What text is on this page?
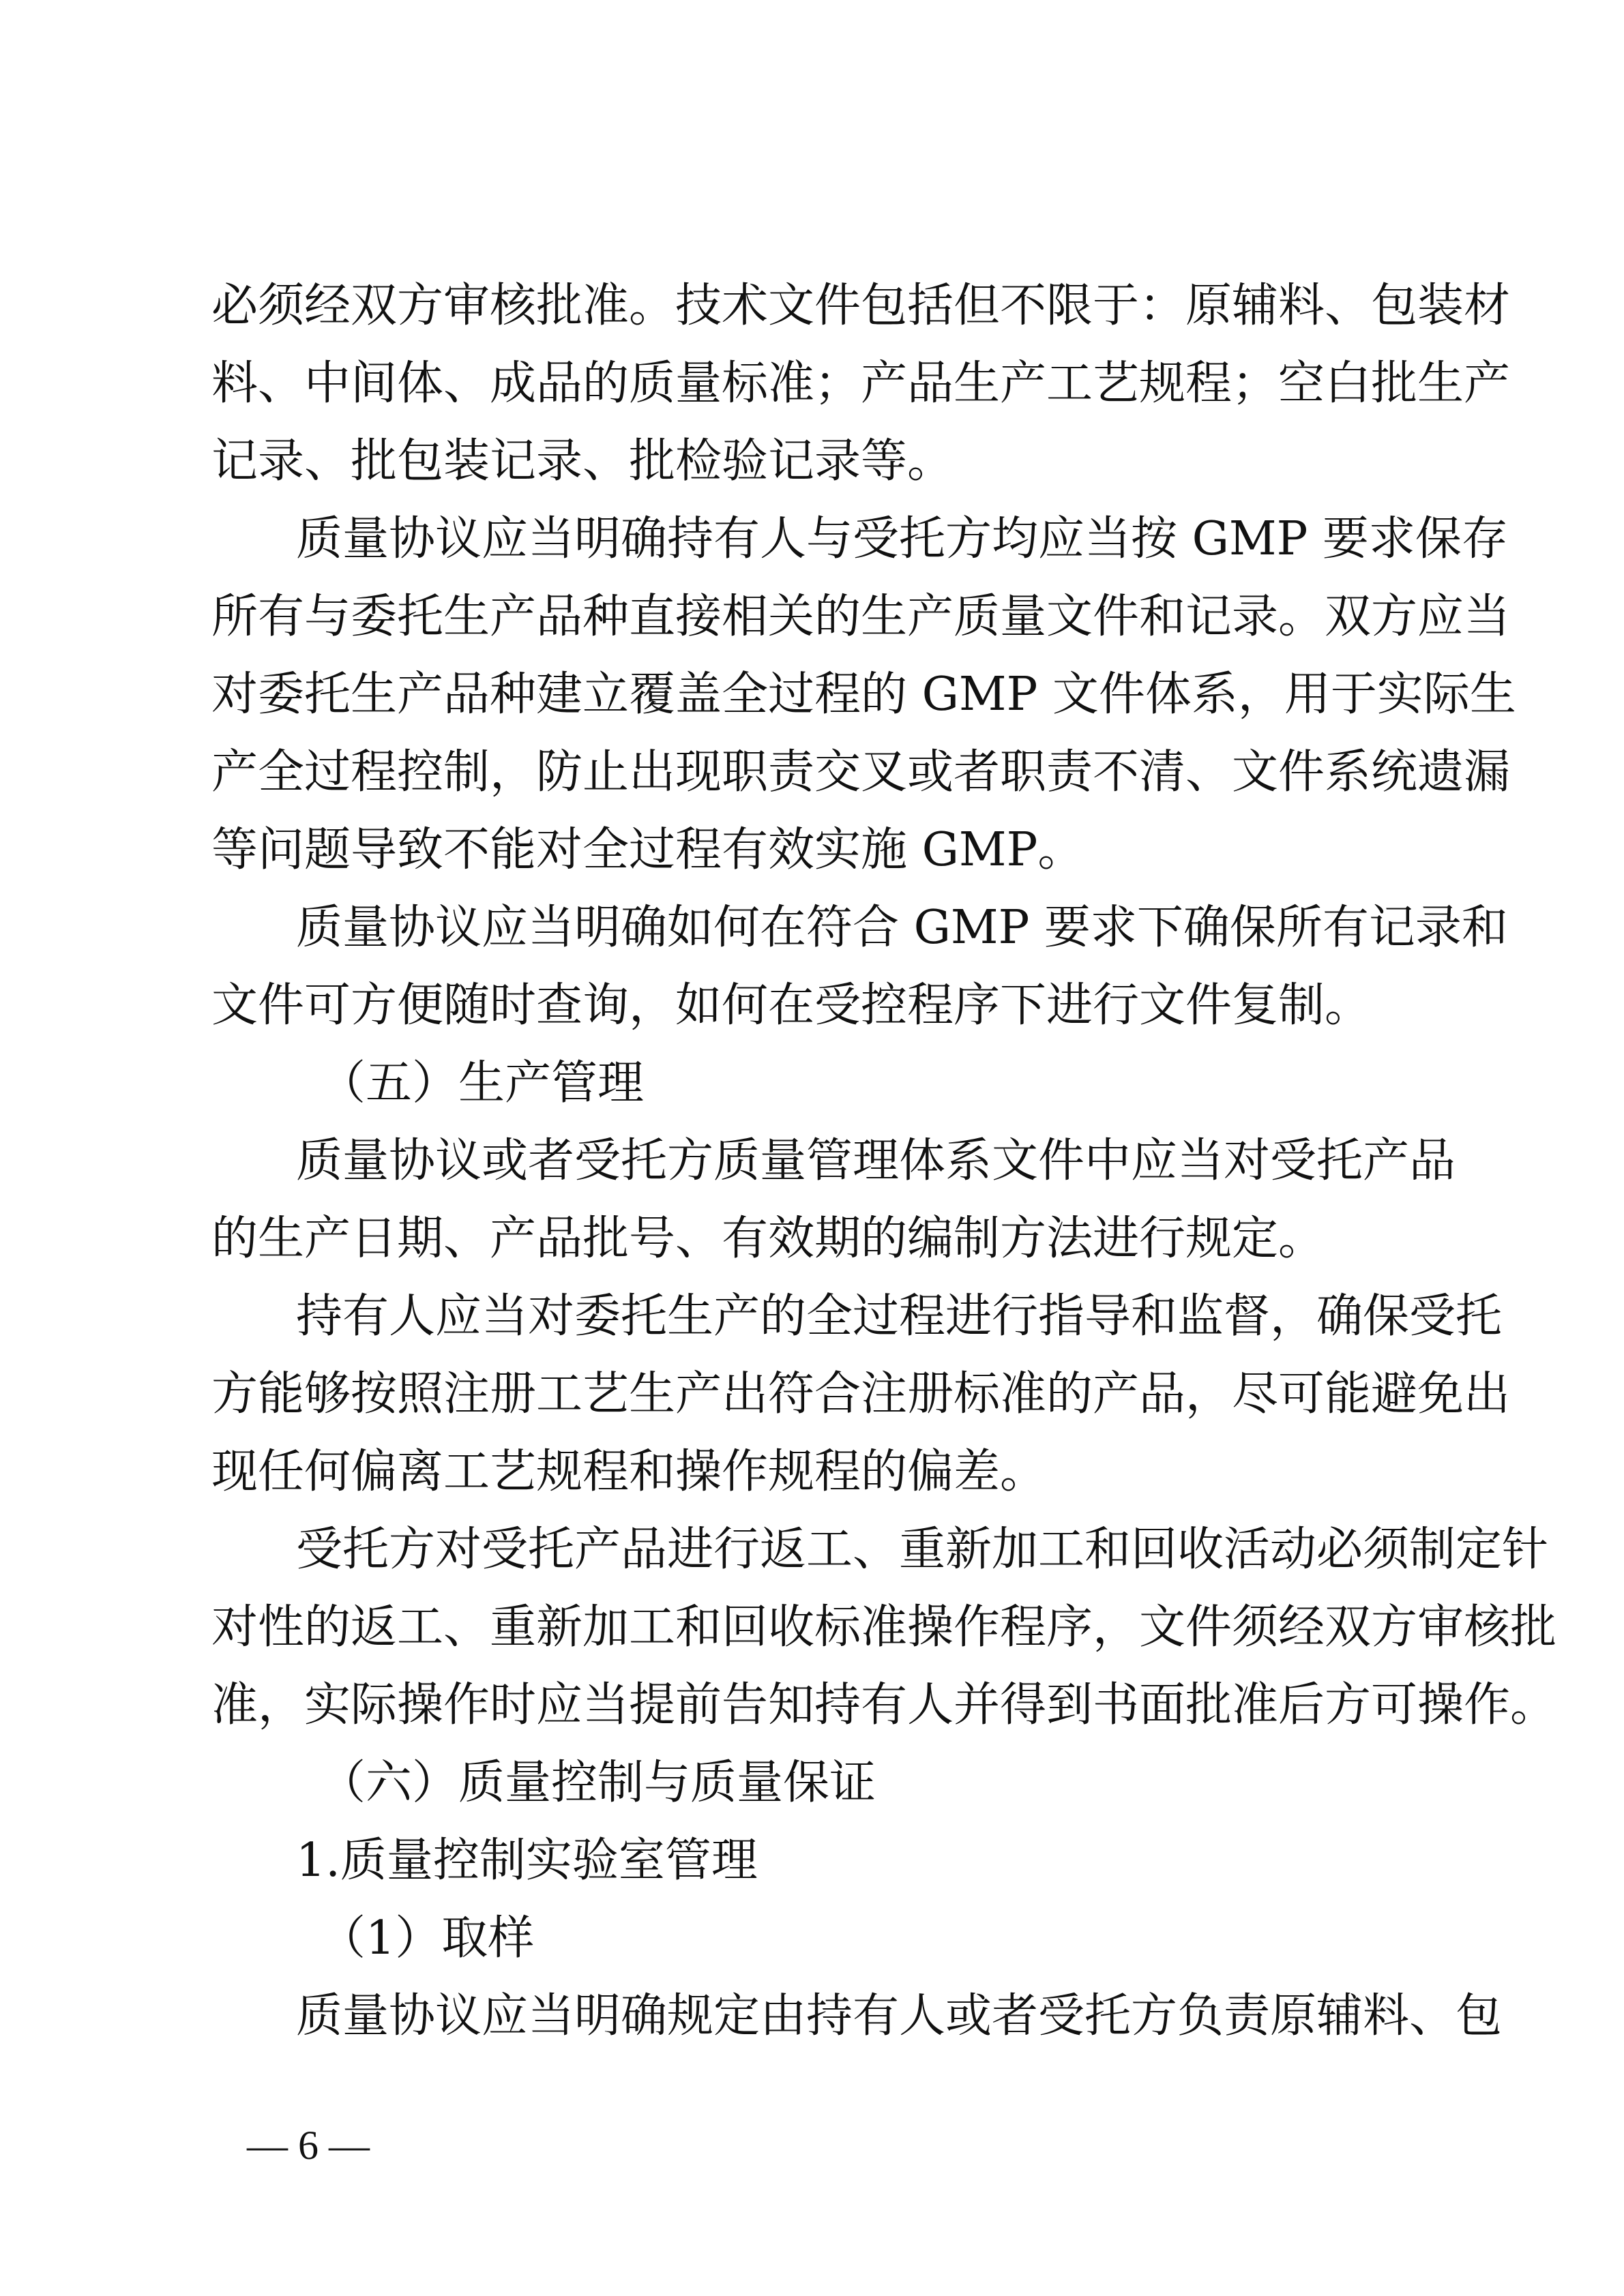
必须经双方审核批准。技术文件包括但不限于：原辅料、包装材
料、中间体、成品的质量标准；产品生产工艺规程；空白批生产
记录、批包装记录、批检验记录等。
质量协议应当明确持有人与受托方均应当按 GMP 要求保存
所有与委托生产品种直接相关的生产质量文件和记录。双方应当
对委托生产品种建立覆盖全过程的 GMP 文件体系，用于实际生
产全过程控制，防止出现职责交叉或者职责不清、文件系统遗漏
等问题导致不能对全过程有效实施 GMP。
质量协议应当明确如何在符合 GMP 要求下确保所有记录和
文件可方便随时查询，如何在受控程序下进行文件复制。
（五）生产管理
质量协议或者受托方质量管理体系文件中应当对受托产品
的生产日期、产品批号、有效期的编制方法进行规定。
持有人应当对委托生产的全过程进行指导和监督，确保受托
方能够按照注册工艺生产出符合注册标准的产品，尽可能避免出
现任何偏离工艺规程和操作规程的偏差。
受托方对受托产品进行返工、重新加工和回收活动必须制定针
对性的返工、重新加工和回收标准操作程序，文件须经双方审核批
准，实际操作时应当提前告知持有人并得到书面批准后方可操作。
（六）质量控制与质量保证
1.质量控制实验室管理
（1）取样
质量协议应当明确规定由持有人或者受托方负责原辅料、包
— 6 —
